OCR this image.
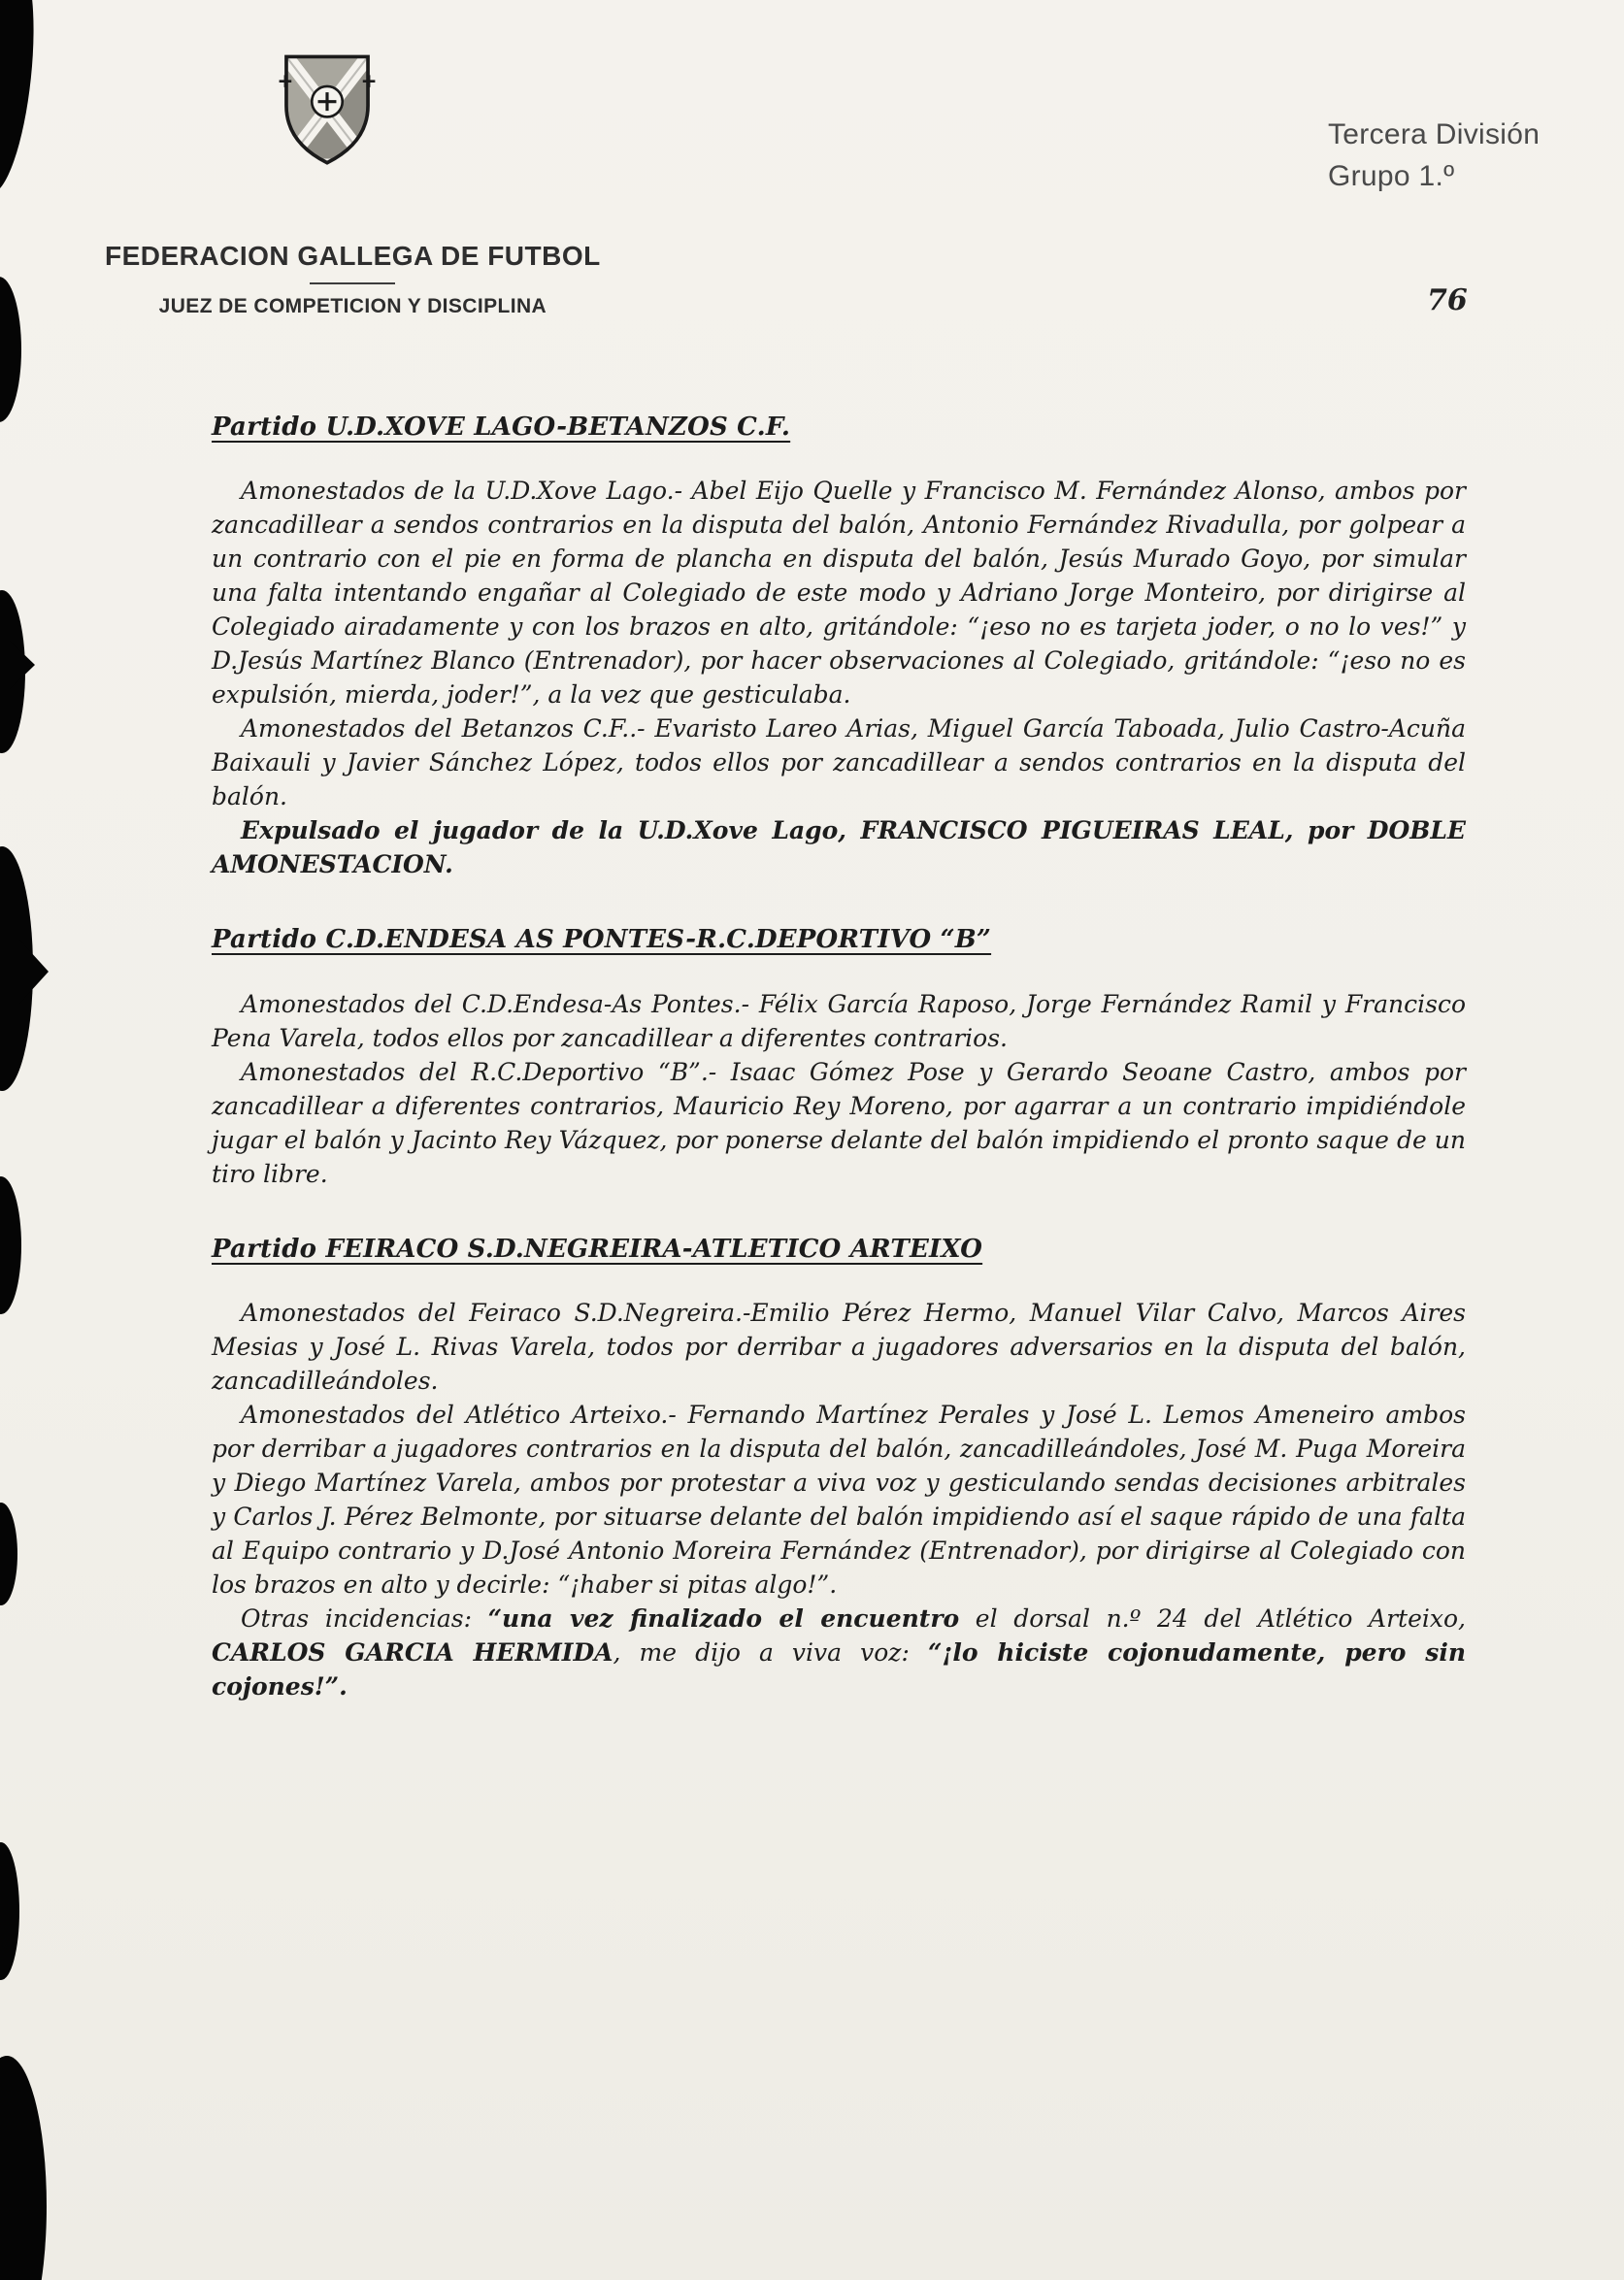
Tercera División
Grupo 1.º
FEDERACION GALLEGA DE FUTBOL
JUEZ DE COMPETICION Y DISCIPLINA	76
Partido U.D.XOVE LAGO-BETANZOS C.F.

Amonestados de la U.D.Xove Lago.- Abel Eijo Quelle y Francisco M. Fernández Alonso, ambos por zancadillear a sendos contrarios en la disputa del balón, Antonio Fernández Rivadulla, por golpear a un contrario con el pie en forma de plancha en disputa del balón, Jesús Murado Goyo, por simular una falta intentando engañar al Colegiado de este modo y Adriano Jorge Monteiro, por dirigirse al Colegiado airadamente y con los brazos en alto, gritándole: “¡eso no es tarjeta joder, o no lo ves!” y D.Jesús Martínez Blanco (Entrenador), por hacer observaciones al Colegiado, gritándole: “¡eso no es expulsión, mierda, joder!”, a la vez que gesticulaba.

Amonestados del Betanzos C.F..- Evaristo Lareo Arias, Miguel García Taboada, Julio Castro-Acuña Baixauli y Javier Sánchez López, todos ellos por zancadillear a sendos contrarios en la disputa del balón.

Expulsado el jugador de la U.D.Xove Lago, FRANCISCO PIGUEIRAS LEAL, por DOBLE AMONESTACION.

Partido C.D.ENDESA AS PONTES-R.C.DEPORTIVO “B”

Amonestados del C.D.Endesa-As Pontes.- Félix García Raposo, Jorge Fernández Ramil y Francisco Pena Varela, todos ellos por zancadillear a diferentes contrarios.

Amonestados del R.C.Deportivo “B”.- Isaac Gómez Pose y Gerardo Seoane Castro, ambos por zancadillear a diferentes contrarios, Mauricio Rey Moreno, por agarrar a un contrario impidiéndole jugar el balón y Jacinto Rey Vázquez, por ponerse delante del balón impidiendo el pronto saque de un tiro libre.

Partido FEIRACO S.D.NEGREIRA-ATLETICO ARTEIXO

Amonestados del Feiraco S.D.Negreira.-Emilio Pérez Hermo, Manuel Vilar Calvo, Marcos Aires Mesias y José L. Rivas Varela, todos por derribar a jugadores adversarios en la disputa del balón, zancadilleándoles.

Amonestados del Atlético Arteixo.- Fernando Martínez Perales y José L. Lemos Ameneiro ambos por derribar a jugadores contrarios en la disputa del balón, zancadilleándoles, José M. Puga Moreira y Diego Martínez Varela, ambos por protestar a viva voz y gesticulando sendas decisiones arbitrales y Carlos J. Pérez Belmonte, por situarse delante del balón impidiendo así el saque rápido de una falta al Equipo contrario y D.José Antonio Moreira Fernández (Entrenador), por dirigirse al Colegiado con los brazos en alto y decirle: “¡haber si pitas algo!”.

Otras incidencias: “una vez finalizado el encuentro el dorsal n.º 24 del Atlético Arteixo, CARLOS GARCIA HERMIDA, me dijo a viva voz: “¡lo hiciste cojonudamente, pero sin cojones!”.
